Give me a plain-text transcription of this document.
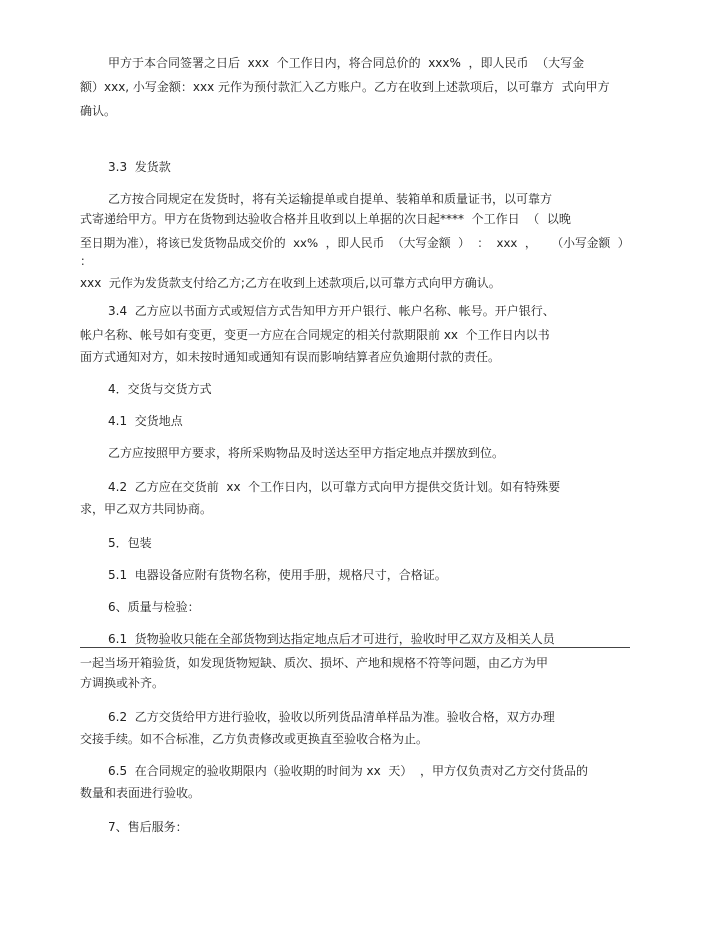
甲方于本合同签署之日后  xxx  个工作日内，将合同总价的  xxx%  ，即人民币  （大写金
额）xxx, 小写金额：xxx 元作为预付款汇入乙方账户。乙方在收到上述款项后，以可靠方  式向甲方
确认。
3.3  发货款
乙方按合同规定在发货时，将有关运输提单或自提单、装箱单和质量证书，以可靠方
式寄递给甲方。甲方在货物到达验收合格并且收到以上单据的次日起****  个工作日  （  以晚
至日期为准），将该已发货物品成交价的  xx%  ，即人民币  （大写金额  ）  ：  xxx  ，    （小写金额  ）
：
xxx  元作为发货款支付给乙方;乙方在收到上述款项后,以可靠方式向甲方确认。
3.4  乙方应以书面方式或短信方式告知甲方开户银行、帐户名称、帐号。开户银行、
帐户名称、帐号如有变更，变更一方应在合同规定的相关付款期限前 xx  个工作日内以书
面方式通知对方，如未按时通知或通知有误而影响结算者应负逾期付款的责任。
4．交货与交货方式
4.1  交货地点
乙方应按照甲方要求，将所采购物品及时送达至甲方指定地点并摆放到位。
4.2  乙方应在交货前  xx  个工作日内，以可靠方式向甲方提供交货计划。如有特殊要
求，甲乙双方共同协商。
5．包装
5.1  电器设备应附有货物名称，使用手册，规格尺寸，合格证。
6、质量与检验：
6.1  货物验收只能在全部货物到达指定地点后才可进行，验收时甲乙双方及相关人员
一起当场开箱验货，如发现货物短缺、质次、损坏、产地和规格不符等问题，由乙方为甲
方调换或补齐。
6.2  乙方交货给甲方进行验收，验收以所列货品清单样品为准。验收合格，双方办理
交接手续。如不合标准，乙方负责修改或更换直至验收合格为止。
6.5  在合同规定的验收期限内（验收期的时间为 xx  天）  ，甲方仅负责对乙方交付货品的
数量和表面进行验收。
7、售后服务：
